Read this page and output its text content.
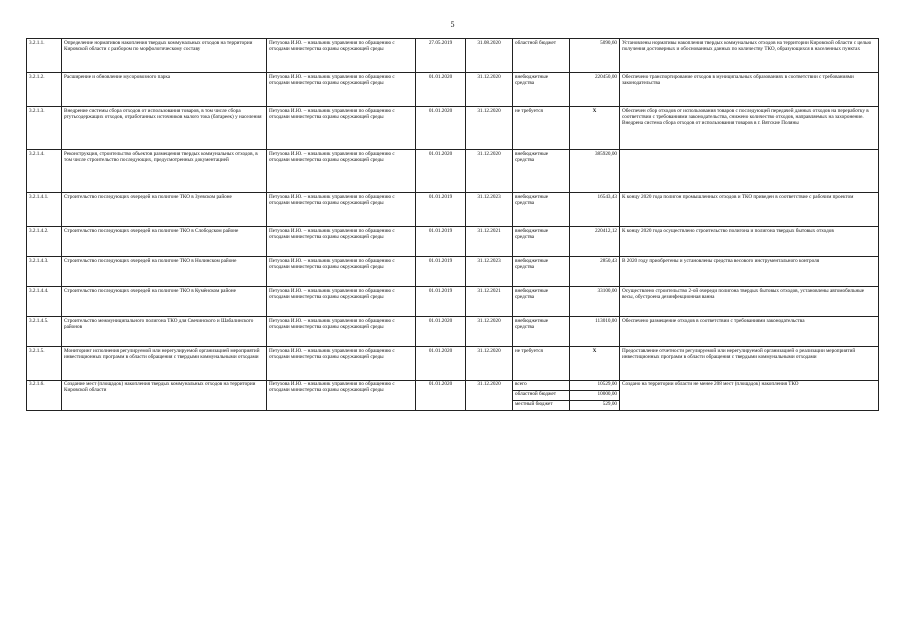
5
3.2.1.1.	Определение нормативов накопления твердых коммунальных отходов на территории Кировской области с разбором по морфологическому составу	Петухова И.Ю. – начальник управления по обращению с отходами министерства охраны окружающей среды	27.05.2019	31.08.2020	областной бюджет	5090,60	Установлены нормативы накопления твердых коммунальных отходов на территории Кировской области с целью получения достоверных и обоснованных данных по количеству ТКО, образующихся в населенных пунктах
3.2.1.2.	Расширение и обновление мусоровозного парка	Петухова И.Ю. – начальник управления по обращению с отходами министерства охраны окружающей среды	01.01.2020	31.12.2020	внебюджетные средства	220450,00	Обеспечено транспортирование отходов в муниципальных образованиях в соответствии с требованиями законодательства
3.2.1.3.	Внедрение системы сбора отходов от использования товаров, в том числе сбора ртутьсодержащих отходов, отработанных источников малого тока (батареек) у населения	Петухова И.Ю. – начальник управления по обращению с отходами министерства охраны окружающей среды	01.01.2020	31.12.2020	не требуется	X	Обеспечен сбор отходов от использования товаров с последующей передачей данных отходов на переработку в соответствии с требованиями законодательства, снижено количество отходов, направляемых на захоронение. Внедрена система сбора отходов от использования товаров в г. Вятские Поляны
3.2.1.4.	Реконструкция, строительство объектов размещения твердых коммунальных отходов, в том числе строительство последующих, предусмотренных документацией	Петухова И.Ю. – начальник управления по обращению с отходами министерства охраны окружающей среды	01.01.2020	31.12.2020	внебюджетные средства	385920,00	
3.2.1.4.1.	Строительство последующих очередей на полигоне ТКО в Зуевском районе	Петухова И.Ю. – начальник управления по обращению с отходами министерства охраны окружающей среды	01.01.2019	31.12.2023	внебюджетные средства	16543,43	К концу 2020 года полигон промышленных отходов и ТКО приведен в соответствие с рабочим проектом
3.2.1.4.2.	Строительство последующих очередей на полигоне ТКО в Слободском районе	Петухова И.Ю. – начальник управления по обращению с отходами министерства охраны окружающей среды	01.01.2019	31.12.2021	внебюджетные средства	220412,12	К концу 2020 года осуществлено строительство полигона и полигона твердых бытовых отходов
3.2.1.4.3.	Строительство последующих очередей на полигоне ТКО в Нолинском районе	Петухова И.Ю. – начальник управления по обращению с отходами министерства охраны окружающей среды	01.01.2019	31.12.2023	внебюджетные средства	2850,43	В 2020 году приобретены и установлены средства весового инструментального контроля
3.2.1.4.4.	Строительство последующих очередей на полигоне ТКО в Кумёнском районе	Петухова И.Ю. – начальник управления по обращению с отходами министерства охраны окружающей среды	01.01.2019	31.12.2021	внебюджетные средства	33100,00	Осуществлено строительство 2-ой очереди полигона твердых бытовых отходов, установлены автомобильные весы, обустроена дезинфекционная ванна
3.2.1.4.5.	Строительство межмуниципального полигона ТКО для Свечинского и Шабалинского районов	Петухова И.Ю. – начальник управления по обращению с отходами министерства охраны окружающей среды	01.01.2020	31.12.2020	внебюджетные средства	113010,00	Обеспечено размещение отходов в соответствии с требованиями законодательства
3.2.1.5.	Мониторинг исполнения регулируемой или нерегулируемой организацией мероприятий инвестиционных программ в области обращения с твердыми коммунальными отходами	Петухова И.Ю. – начальник управления по обращению с отходами министерства охраны окружающей среды	01.01.2020	31.12.2020	не требуется	X	Предоставление отчетности регулируемой или нерегулируемой организацией о реализации мероприятий инвестиционных программ в области обращения с твердыми коммунальными отходами
3.2.1.6.	Создание мест (площадок) накопления твердых коммунальных отходов на территории Кировской области	Петухова И.Ю. – начальник управления по обращению с отходами министерства охраны окружающей среды	01.01.2020	31.12.2020	всего	10529,00	Создано на территории области не менее 208 мест (площадок) накопления ТКО
					областной бюджет	10000,00	
					местный бюджет	529,00	
